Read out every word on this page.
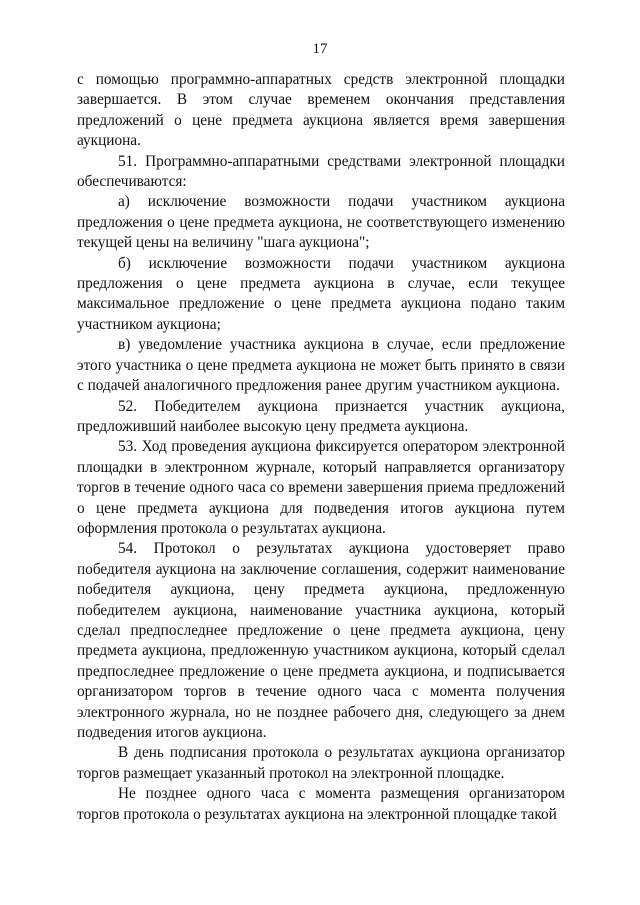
17

с помощью программно-аппаратных средств электронной площадки завершается. В этом случае временем окончания представления предложений о цене предмета аукциона является время завершения аукциона.

51. Программно-аппаратными средствами электронной площадки обеспечиваются:

а) исключение возможности подачи участником аукциона предложения о цене предмета аукциона, не соответствующего изменению текущей цены на величину "шага аукциона";

б) исключение возможности подачи участником аукциона предложения о цене предмета аукциона в случае, если текущее максимальное предложение о цене предмета аукциона подано таким участником аукциона;

в) уведомление участника аукциона в случае, если предложение этого участника о цене предмета аукциона не может быть принято в связи с подачей аналогичного предложения ранее другим участником аукциона.

52. Победителем аукциона признается участник аукциона, предложивший наиболее высокую цену предмета аукциона.

53. Ход проведения аукциона фиксируется оператором электронной площадки в электронном журнале, который направляется организатору торгов в течение одного часа со времени завершения приема предложений о цене предмета аукциона для подведения итогов аукциона путем оформления протокола о результатах аукциона.

54. Протокол о результатах аукциона удостоверяет право победителя аукциона на заключение соглашения, содержит наименование победителя аукциона, цену предмета аукциона, предложенную победителем аукциона, наименование участника аукциона, который сделал предпоследнее предложение о цене предмета аукциона, цену предмета аукциона, предложенную участником аукциона, который сделал предпоследнее предложение о цене предмета аукциона, и подписывается организатором торгов в течение одного часа с момента получения электронного журнала, но не позднее рабочего дня, следующего за днем подведения итогов аукциона.

В день подписания протокола о результатах аукциона организатор торгов размещает указанный протокол на электронной площадке.

Не позднее одного часа с момента размещения организатором торгов протокола о результатах аукциона на электронной площадке такой
